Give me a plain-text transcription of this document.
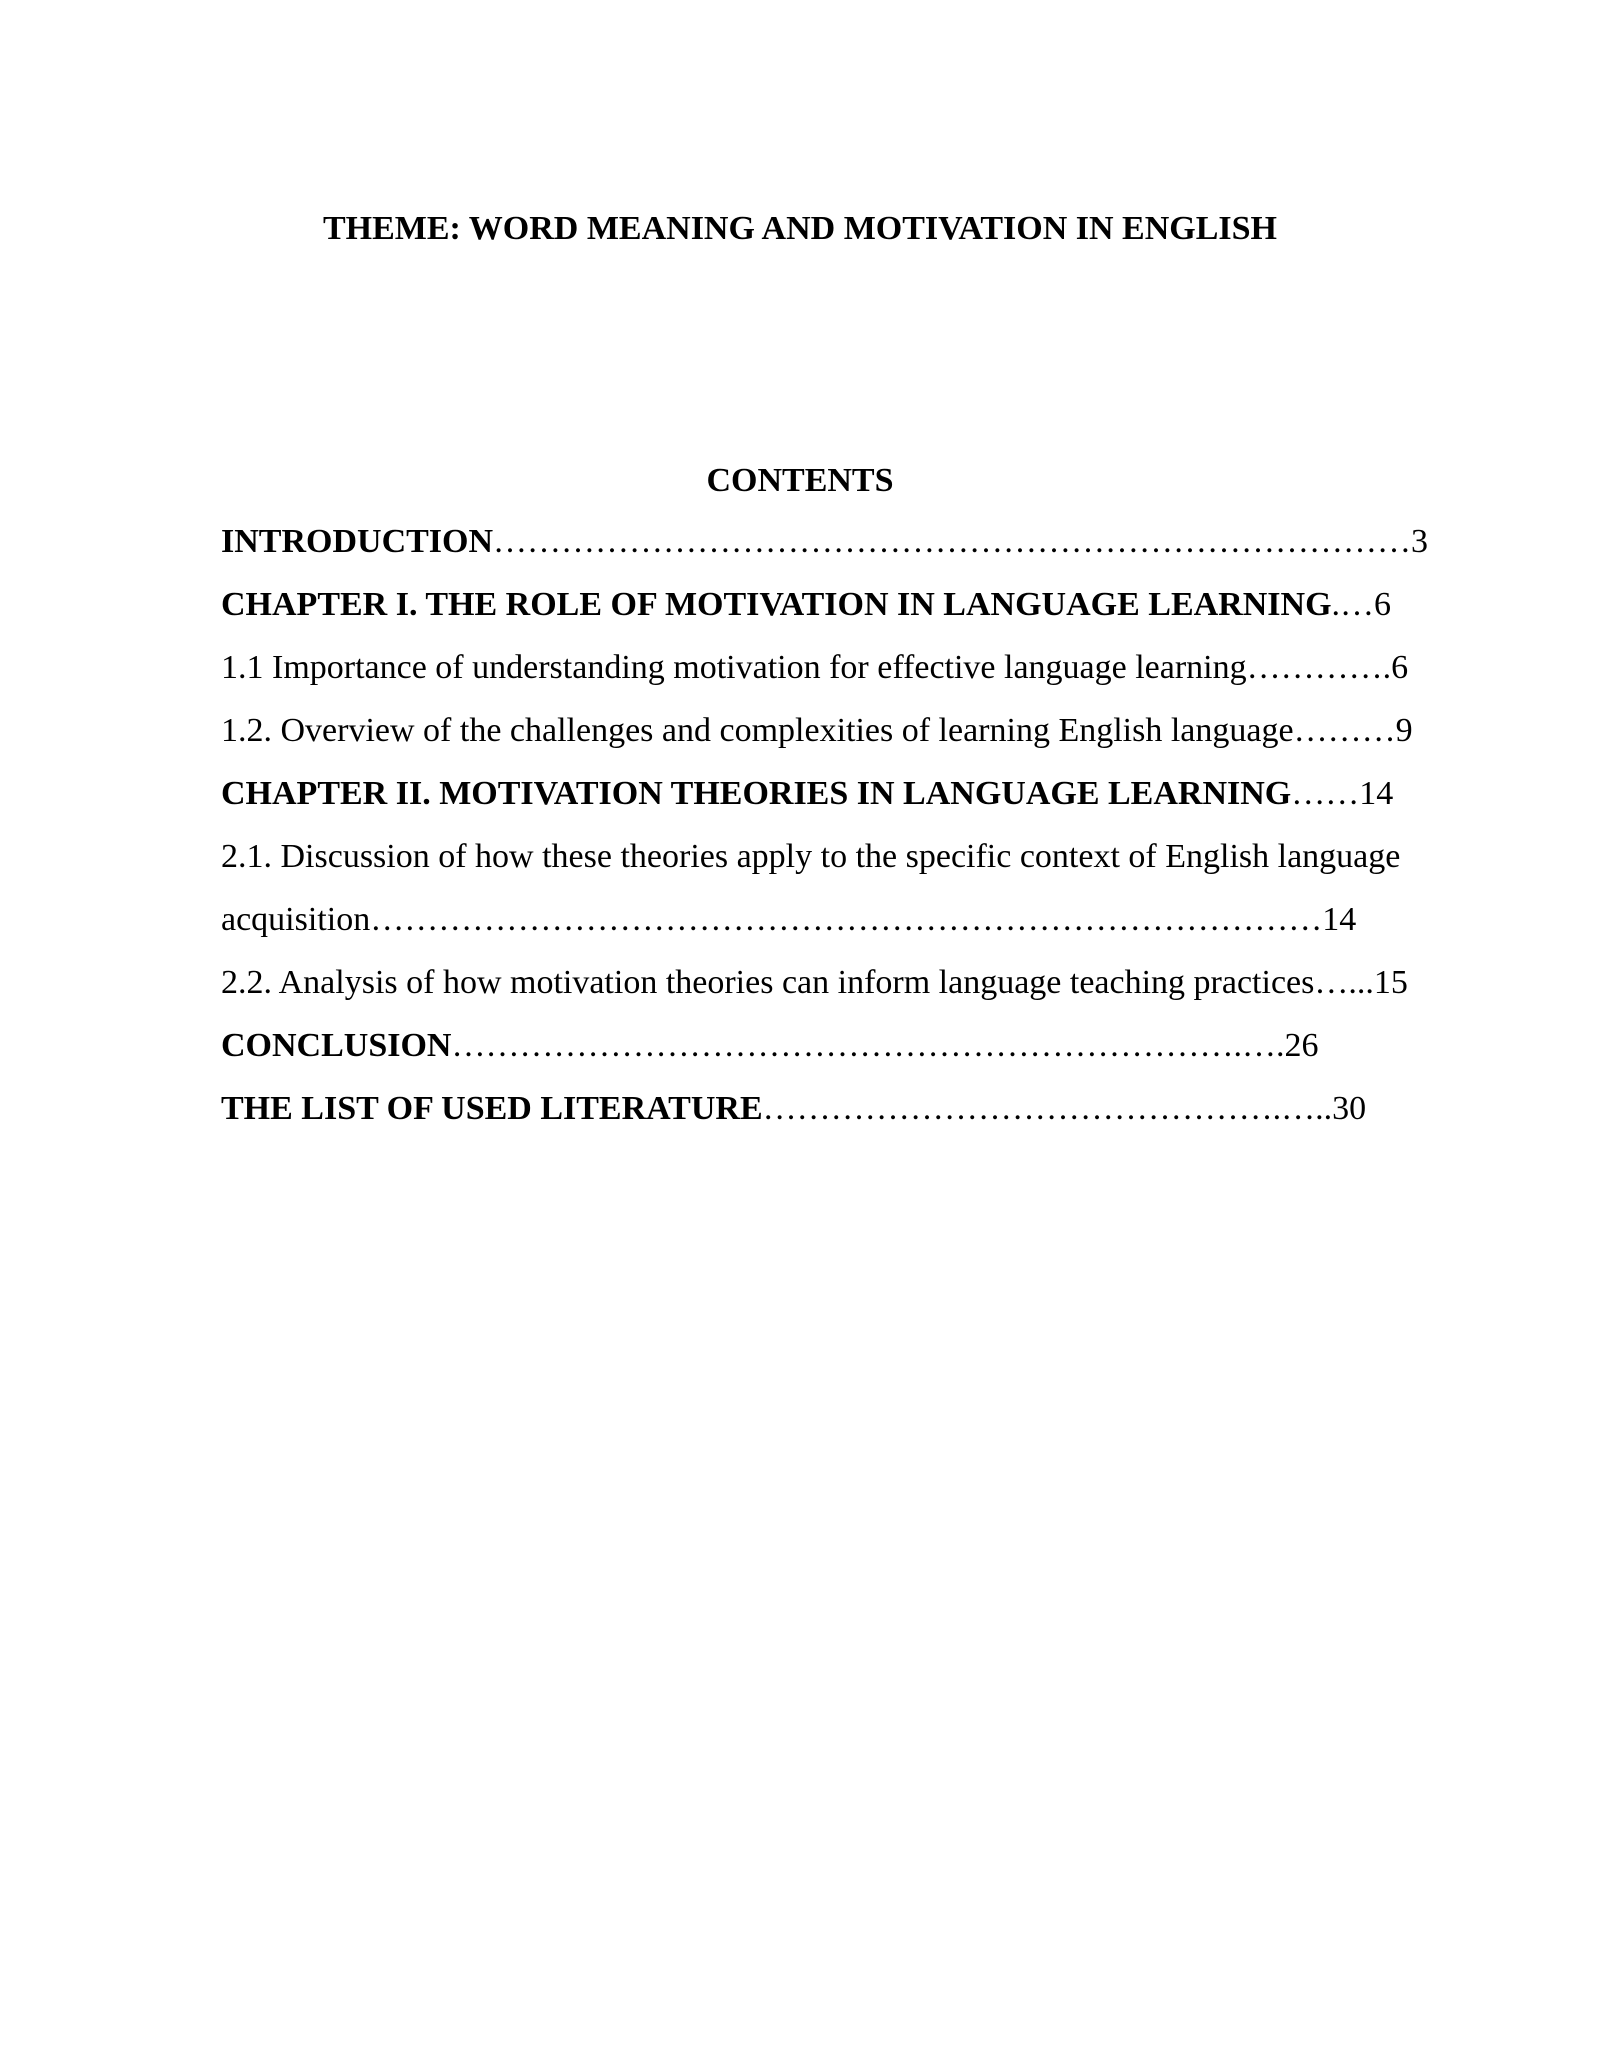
THEME: WORD MEANING AND MOTIVATION IN ENGLISH
CONTENTS
INTRODUCTION………………………………………………………………………3
CHAPTER I. THE ROLE OF MOTIVATION IN LANGUAGE LEARNING.…6
1.1 Importance of understanding motivation for effective language learning………….6
1.2. Overview of the challenges and complexities of learning English language………9
CHAPTER II. MOTIVATION THEORIES IN LANGUAGE LEARNING……14
2.1. Discussion of how these theories apply to the specific context of English language
acquisition…………………………………………………………………………14
2.2. Analysis of how motivation theories can inform language teaching practices…...15
CONCLUSION…………………………………………………………….….26
THE LIST OF USED LITERATURE……………………………………….…..30
